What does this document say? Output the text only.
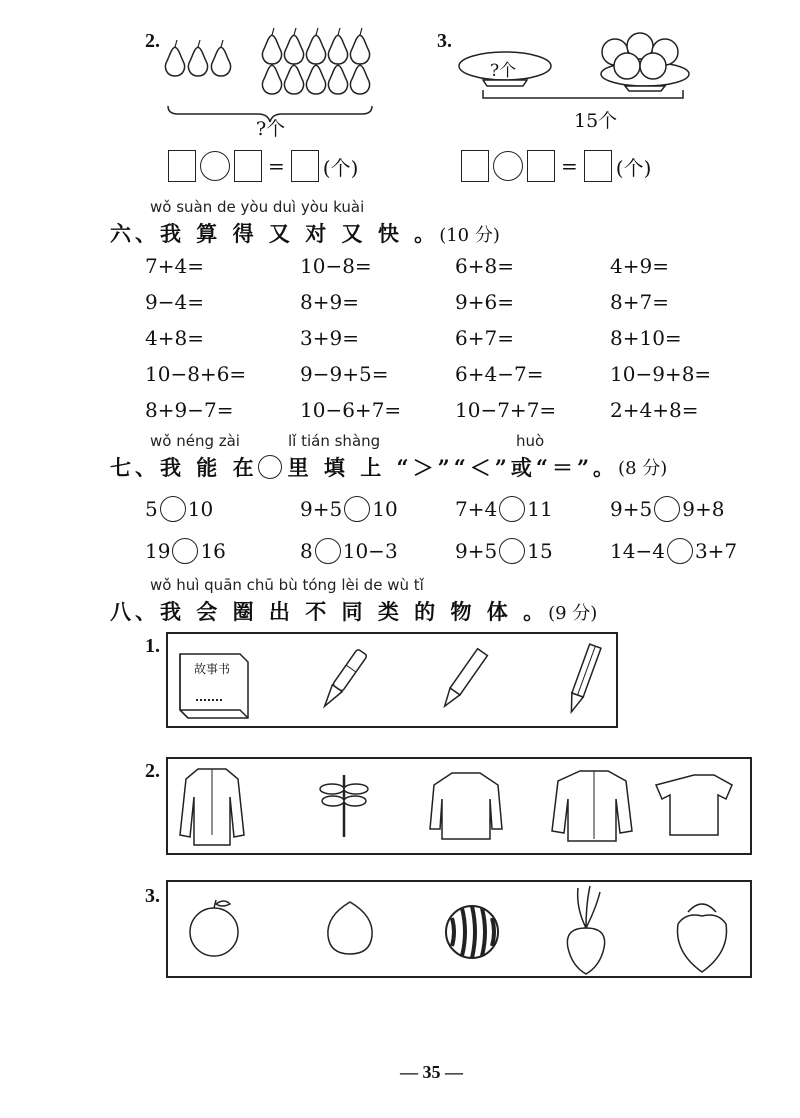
2.
?个
= (个)
3.
?个
15个
= (个)
wǒ suàn de yòu duì yòu kuài
六、我 算 得 又 对 又 快 。(10 分)
7+4=	10−8=	6+8=	4+9=
9−4=	8+9=	9+6=	8+7=
4+8=	3+9=	6+7=	8+10=
10−8+6=	9−9+5=	6+4−7=	10−9+8=
8+9−7=	10−6+7=	10−7+7=	2+4+8=
wǒ néng zài	lǐ tián shàng	huò
七、我 能 在 里 填 上 “＞”“＜”或“＝”。 (8 分)
5 10	9+5 10	7+4 11	9+5 9+8
19 16	8 10−3	9+5 15	14−4 3+7
wǒ huì quān chū bù tóng lèi de wù tǐ
八、我 会 圈 出 不 同 类 的 物 体 。(9 分)
1.
故事书
2.
3.
— 35 —
